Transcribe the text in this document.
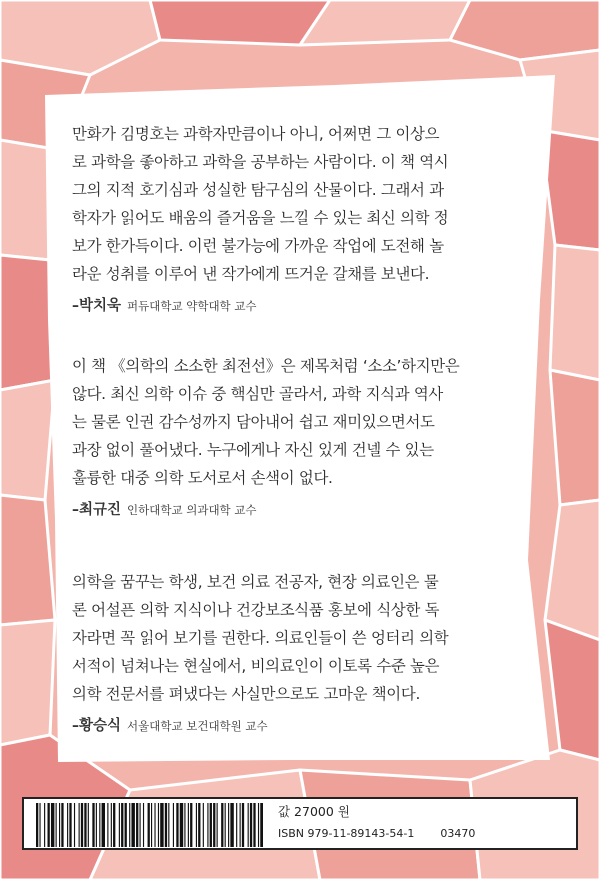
만화가 김명호는 과학자만큼이나 아니, 어쩌면 그 이상으
로 과학을 좋아하고 과학을 공부하는 사람이다. 이 책 역시
그의 지적 호기심과 성실한 탐구심의 산물이다. 그래서 과
학자가 읽어도 배움의 즐거움을 느낄 수 있는 최신 의학 정
보가 한가득이다. 이런 불가능에 가까운 작업에 도전해 놀
라운 성취를 이루어 낸 작가에게 뜨거운 갈채를 보낸다.

–박치욱 퍼듀대학교 약학대학 교수

이 책 《의학의 소소한 최전선》은 제목처럼 ‘소소’하지만은
않다. 최신 의학 이슈 중 핵심만 골라서, 과학 지식과 역사
는 물론 인권 감수성까지 담아내어 쉽고 재미있으면서도
과장 없이 풀어냈다. 누구에게나 자신 있게 건넬 수 있는
훌륭한 대중 의학 도서로서 손색이 없다.

–최규진 인하대학교 의과대학 교수

의학을 꿈꾸는 학생, 보건 의료 전공자, 현장 의료인은 물
론 어설픈 의학 지식이나 건강보조식품 홍보에 식상한 독
자라면 꼭 읽어 보기를 권한다. 의료인들이 쓴 엉터리 의학
서적이 넘쳐나는 현실에서, 비의료인이 이토록 수준 높은
의학 전문서를 펴냈다는 사실만으로도 고마운 책이다.

–황승식 서울대학교 보건대학원 교수
값 27000 원
ISBN 979-11-89143-54-1 03470
